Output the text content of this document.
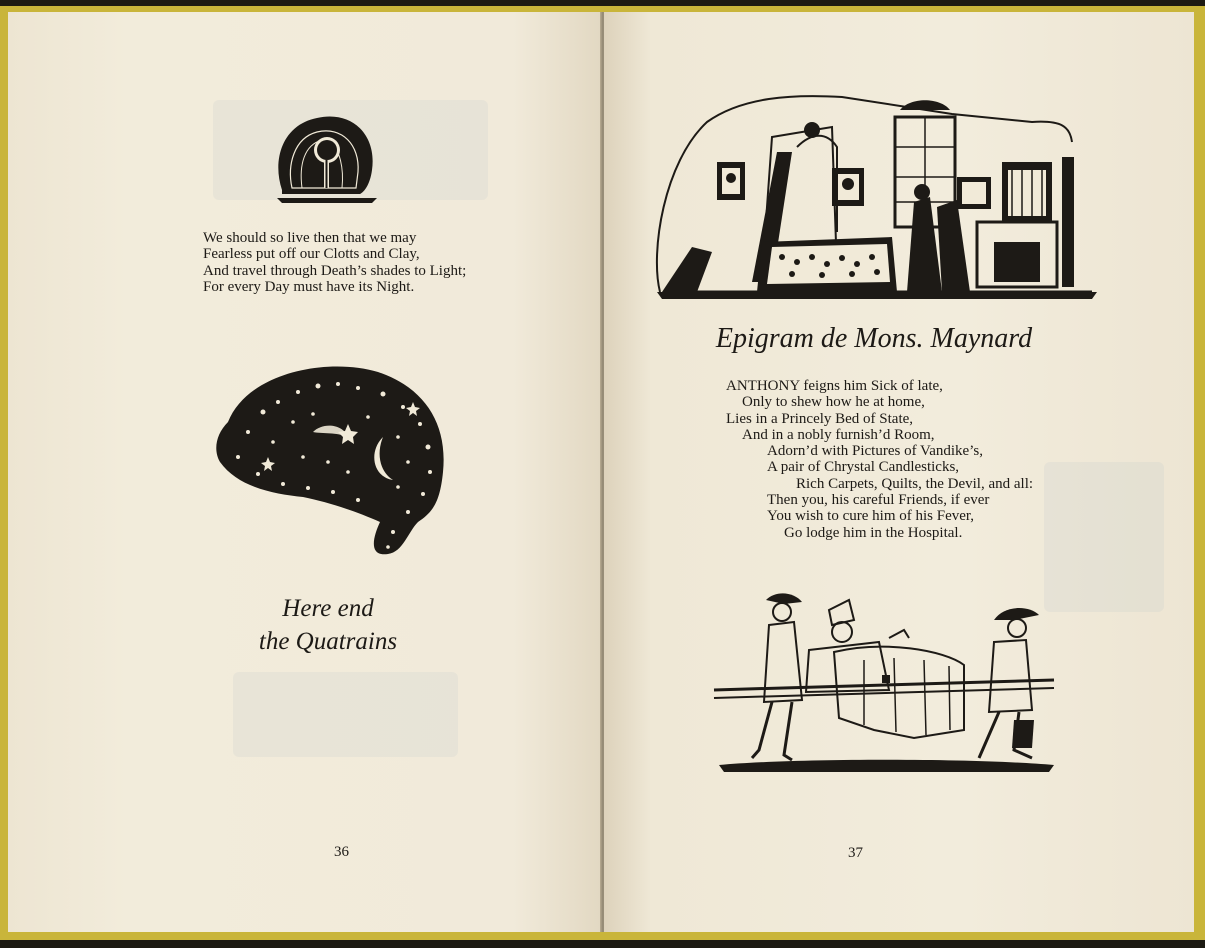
We should so live then that we may
Fearless put off our Clotts and Clay,
And travel through Death’s shades to Light;
For every Day must have its Night.
Here end
the Quatrains
36
Epigram de Mons. Maynard
ANTHONY feigns him Sick of late,
Only to shew how he at home,
Lies in a Princely Bed of State,
And in a nobly furnish’d Room,
Adorn’d with Pictures of Vandike’s,
A pair of Chrystal Candlesticks,
Rich Carpets, Quilts, the Devil, and all:
Then you, his careful Friends, if ever
You wish to cure him of his Fever,
Go lodge him in the Hospital.
37
